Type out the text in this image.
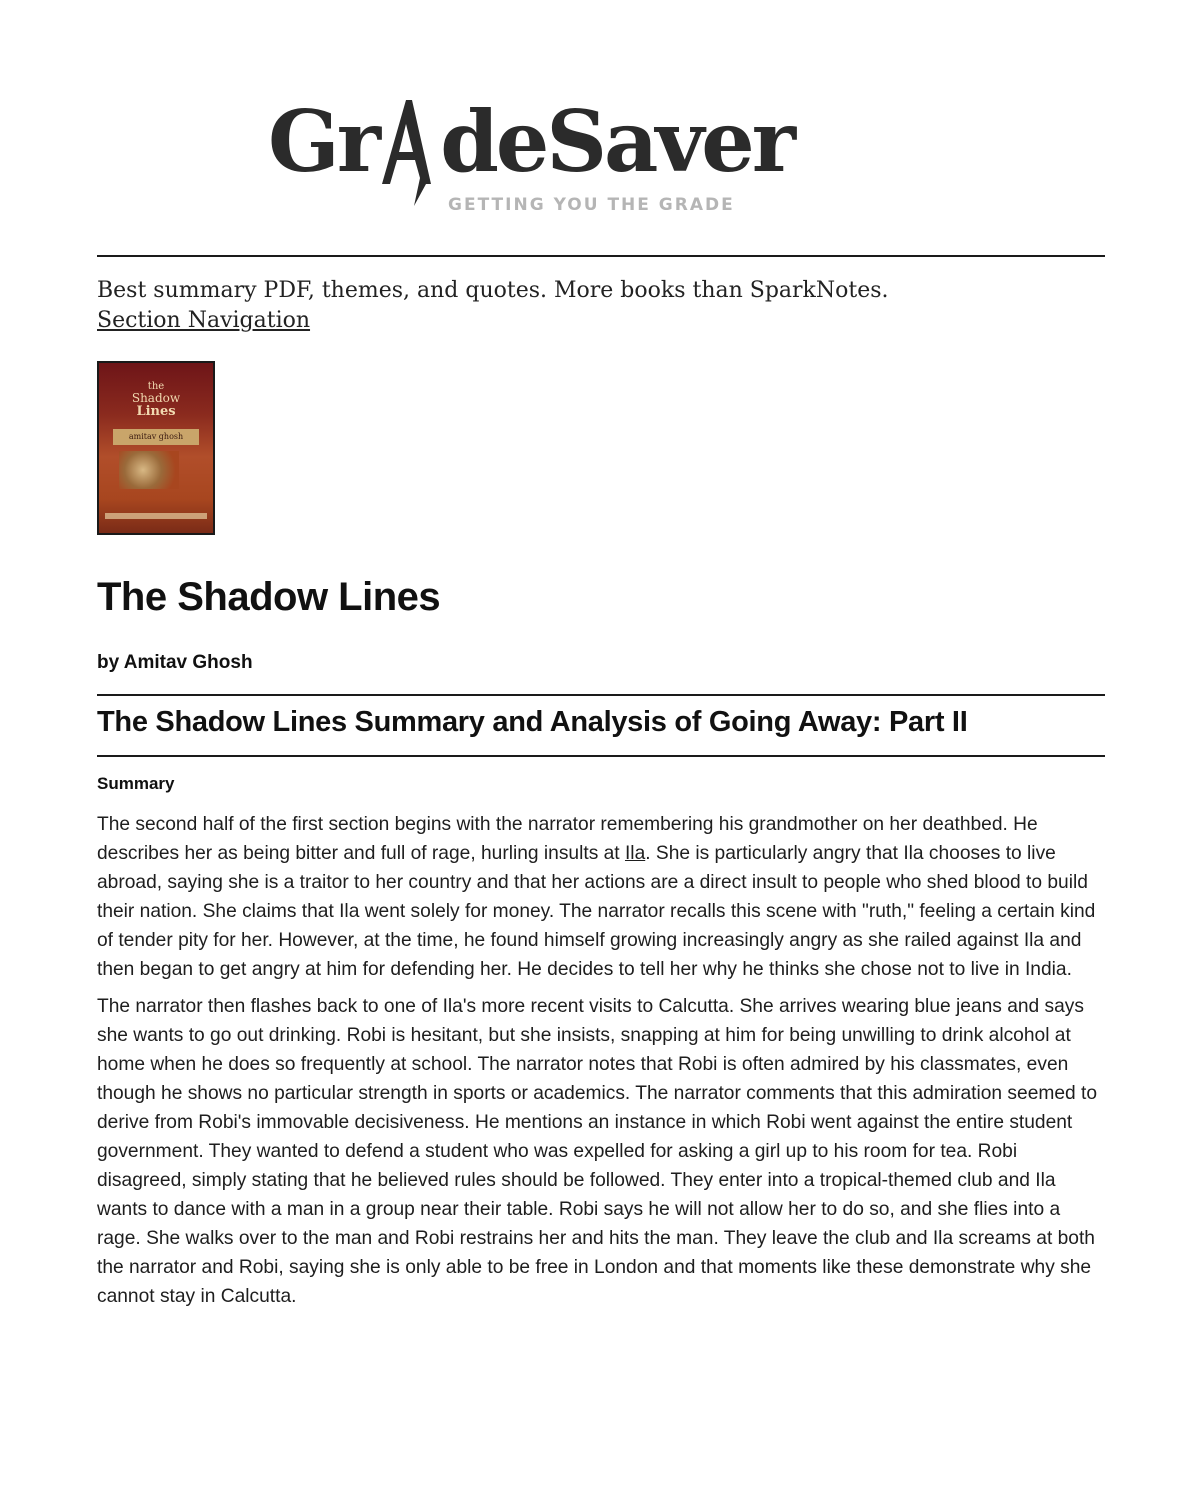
Gr deSaver
GETTING YOU THE GRADE
Best summary PDF, themes, and quotes. More books than SparkNotes.
Section Navigation
the
Shadow
Lines
amitav ghosh
The Shadow Lines
by Amitav Ghosh
The Shadow Lines Summary and Analysis of Going Away: Part II
Summary

The second half of the first section begins with the narrator remembering his grandmother on her deathbed. He describes her as being bitter and full of rage, hurling insults at Ila. She is particularly angry that Ila chooses to live abroad, saying she is a traitor to her country and that her actions are a direct insult to people who shed blood to build their nation. She claims that Ila went solely for money. The narrator recalls this scene with "ruth," feeling a certain kind of tender pity for her. However, at the time, he found himself growing increasingly angry as she railed against Ila and then began to get angry at him for defending her. He decides to tell her why he thinks she chose not to live in India.

The narrator then flashes back to one of Ila's more recent visits to Calcutta. She arrives wearing blue jeans and says she wants to go out drinking. Robi is hesitant, but she insists, snapping at him for being unwilling to drink alcohol at home when he does so frequently at school. The narrator notes that Robi is often admired by his classmates, even though he shows no particular strength in sports or academics. The narrator comments that this admiration seemed to derive from Robi's immovable decisiveness. He mentions an instance in which Robi went against the entire student government. They wanted to defend a student who was expelled for asking a girl up to his room for tea. Robi disagreed, simply stating that he believed rules should be followed. They enter into a tropical-themed club and Ila wants to dance with a man in a group near their table. Robi says he will not allow her to do so, and she flies into a rage. She walks over to the man and Robi restrains her and hits the man. They leave the club and Ila screams at both the narrator and Robi, saying she is only able to be free in London and that moments like these demonstrate why she cannot stay in Calcutta.
